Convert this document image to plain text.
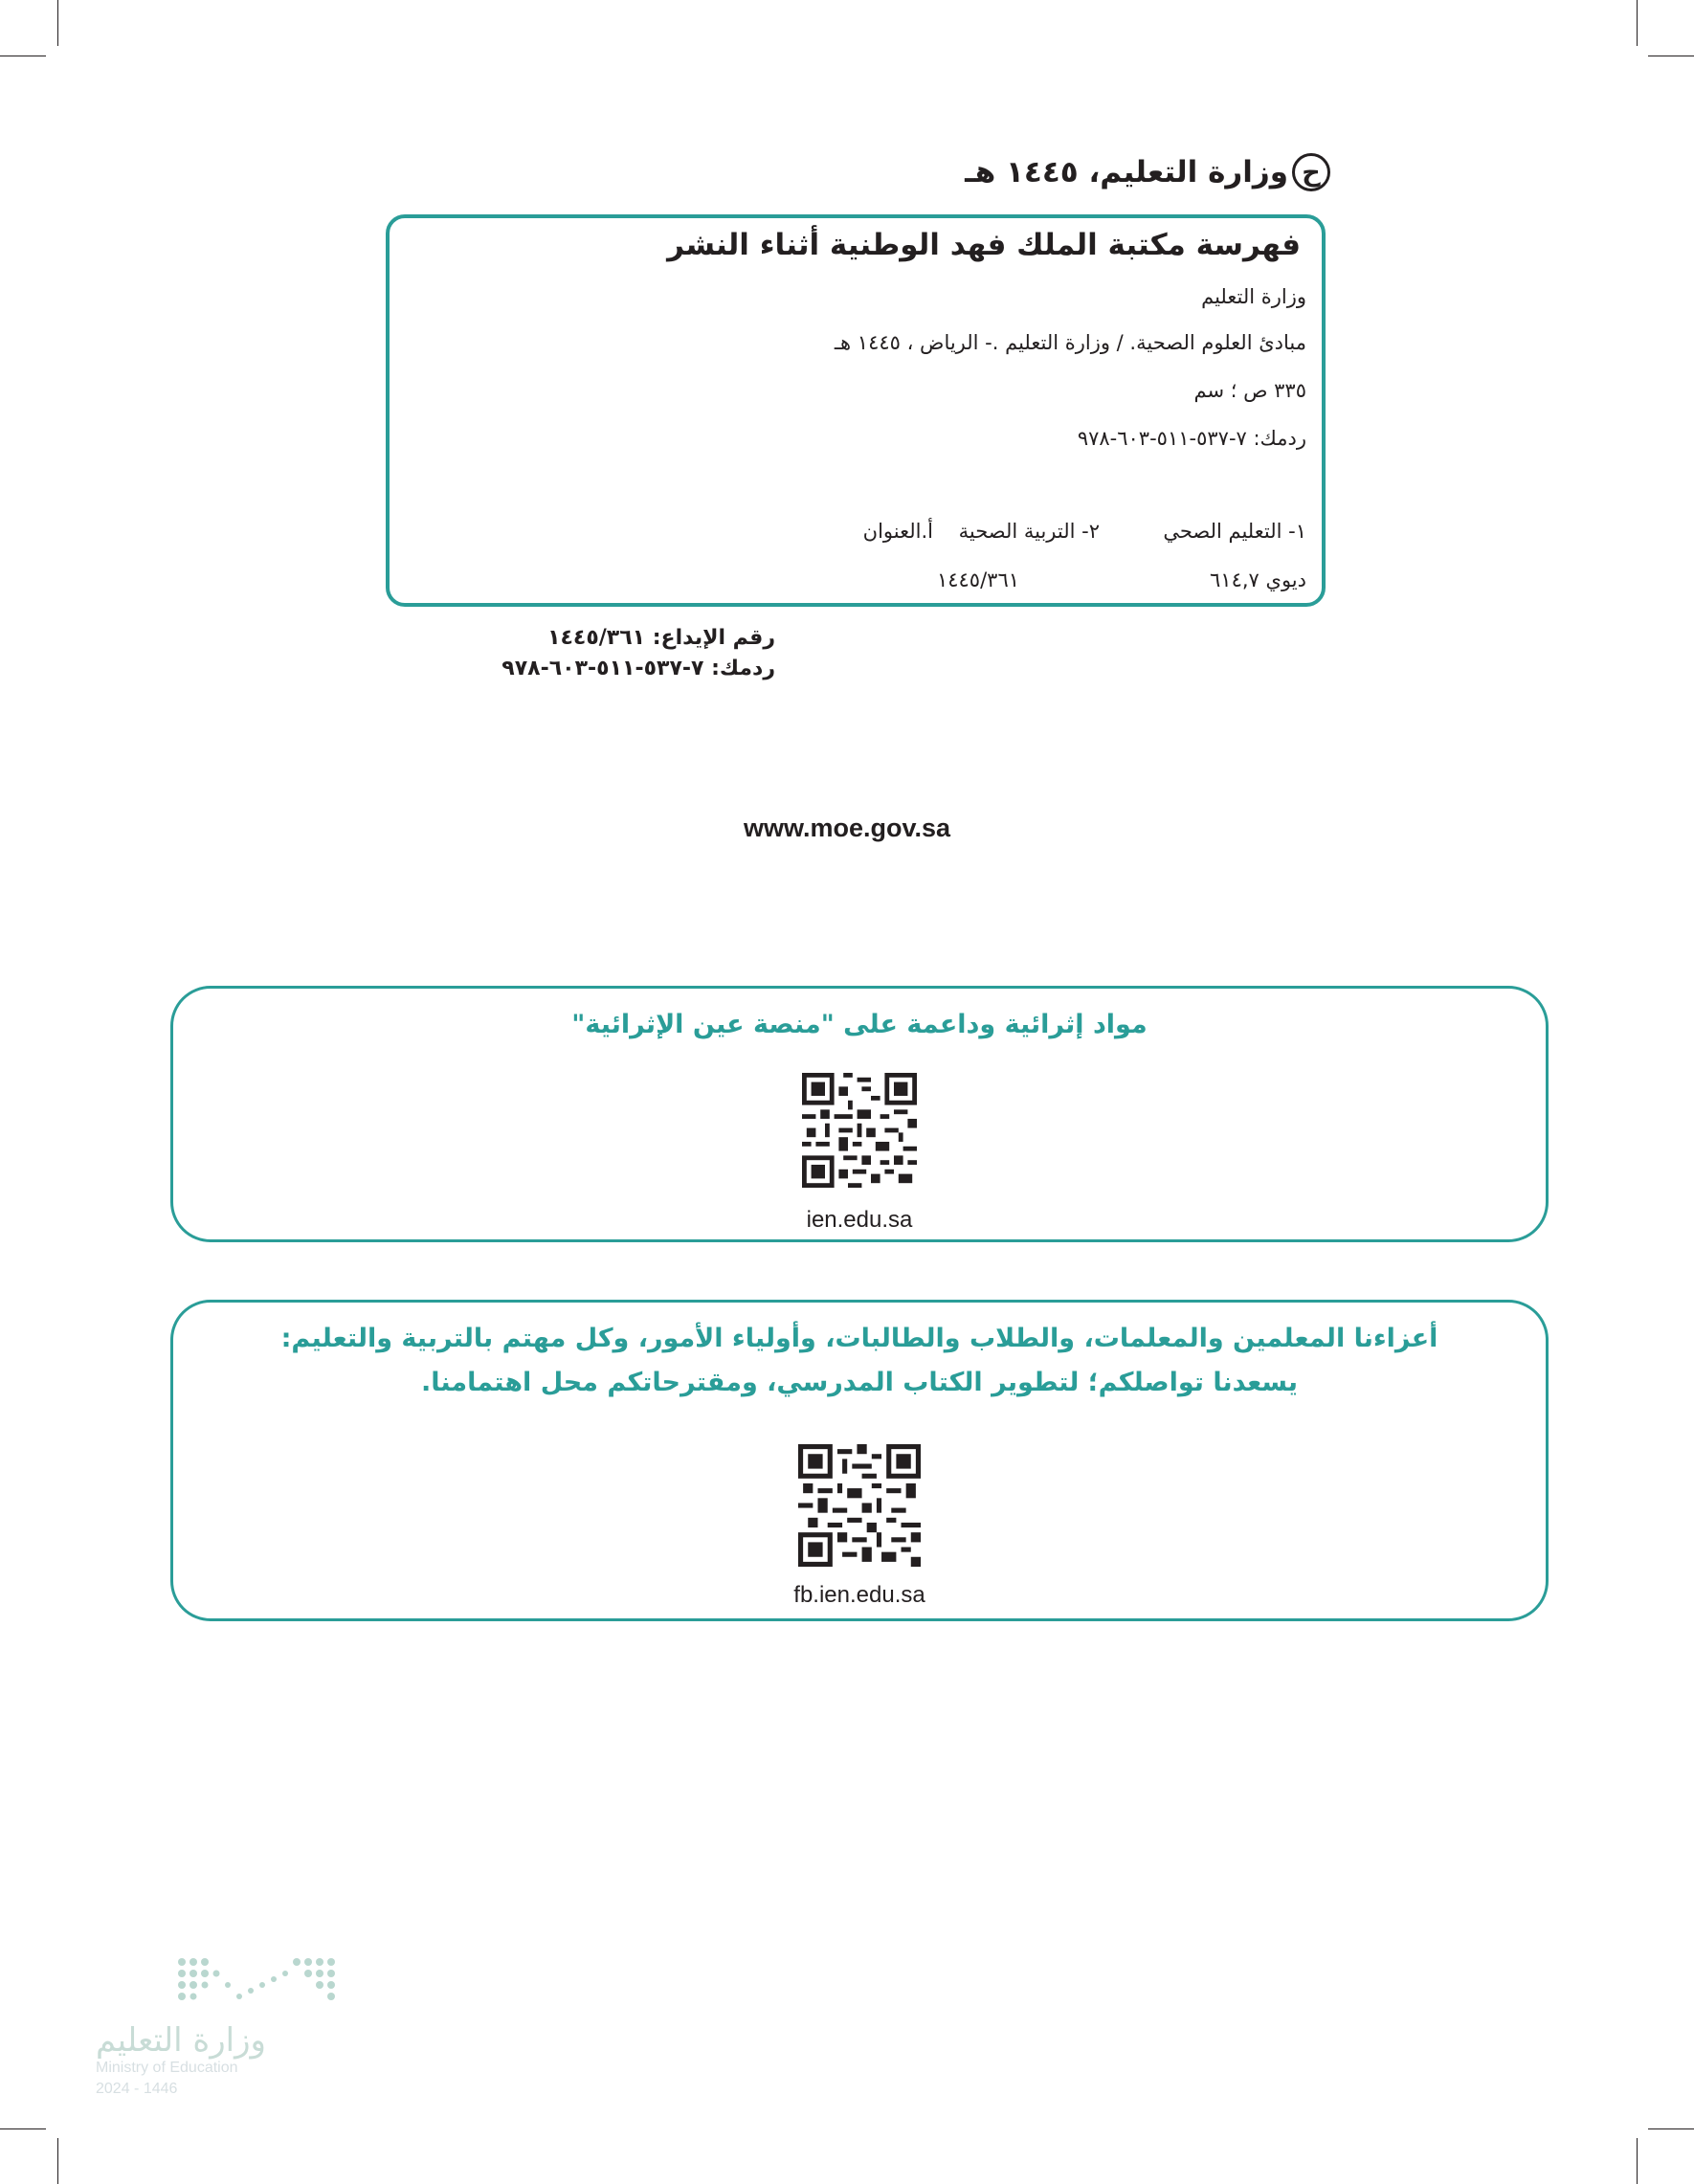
ح
وزارة التعليم، ١٤٤٥ هـ
فهرسة مكتبة الملك فهد الوطنية أثناء النشر
وزارة التعليم
مبادئ العلوم الصحية. / وزارة التعليم .- الرياض ، ١٤٤٥ هـ
٣٣٥ ص ؛ سم
ردمك: ٧-٥٣٧-٥١١-٦٠٣-٩٧٨
١- التعليم الصحي
٢- التربية الصحية
أ.العنوان
ديوي ٦١٤,٧
١٤٤٥/٣٦١
رقم الإيداع: ١٤٤٥/٣٦١
ردمك: ٧-٥٣٧-٥١١-٦٠٣-٩٧٨
www.moe.gov.sa
مواد إثرائية وداعمة على "منصة عين الإثرائية"
ien.edu.sa
أعزاءنا المعلمين والمعلمات، والطلاب والطالبات، وأولياء الأمور، وكل مهتم بالتربية والتعليم:
يسعدنا تواصلكم؛ لتطوير الكتاب المدرسي، ومقترحاتكم محل اهتمامنا.
fb.ien.edu.sa
وزارة التعليم
Ministry of Education
2024 - 1446
